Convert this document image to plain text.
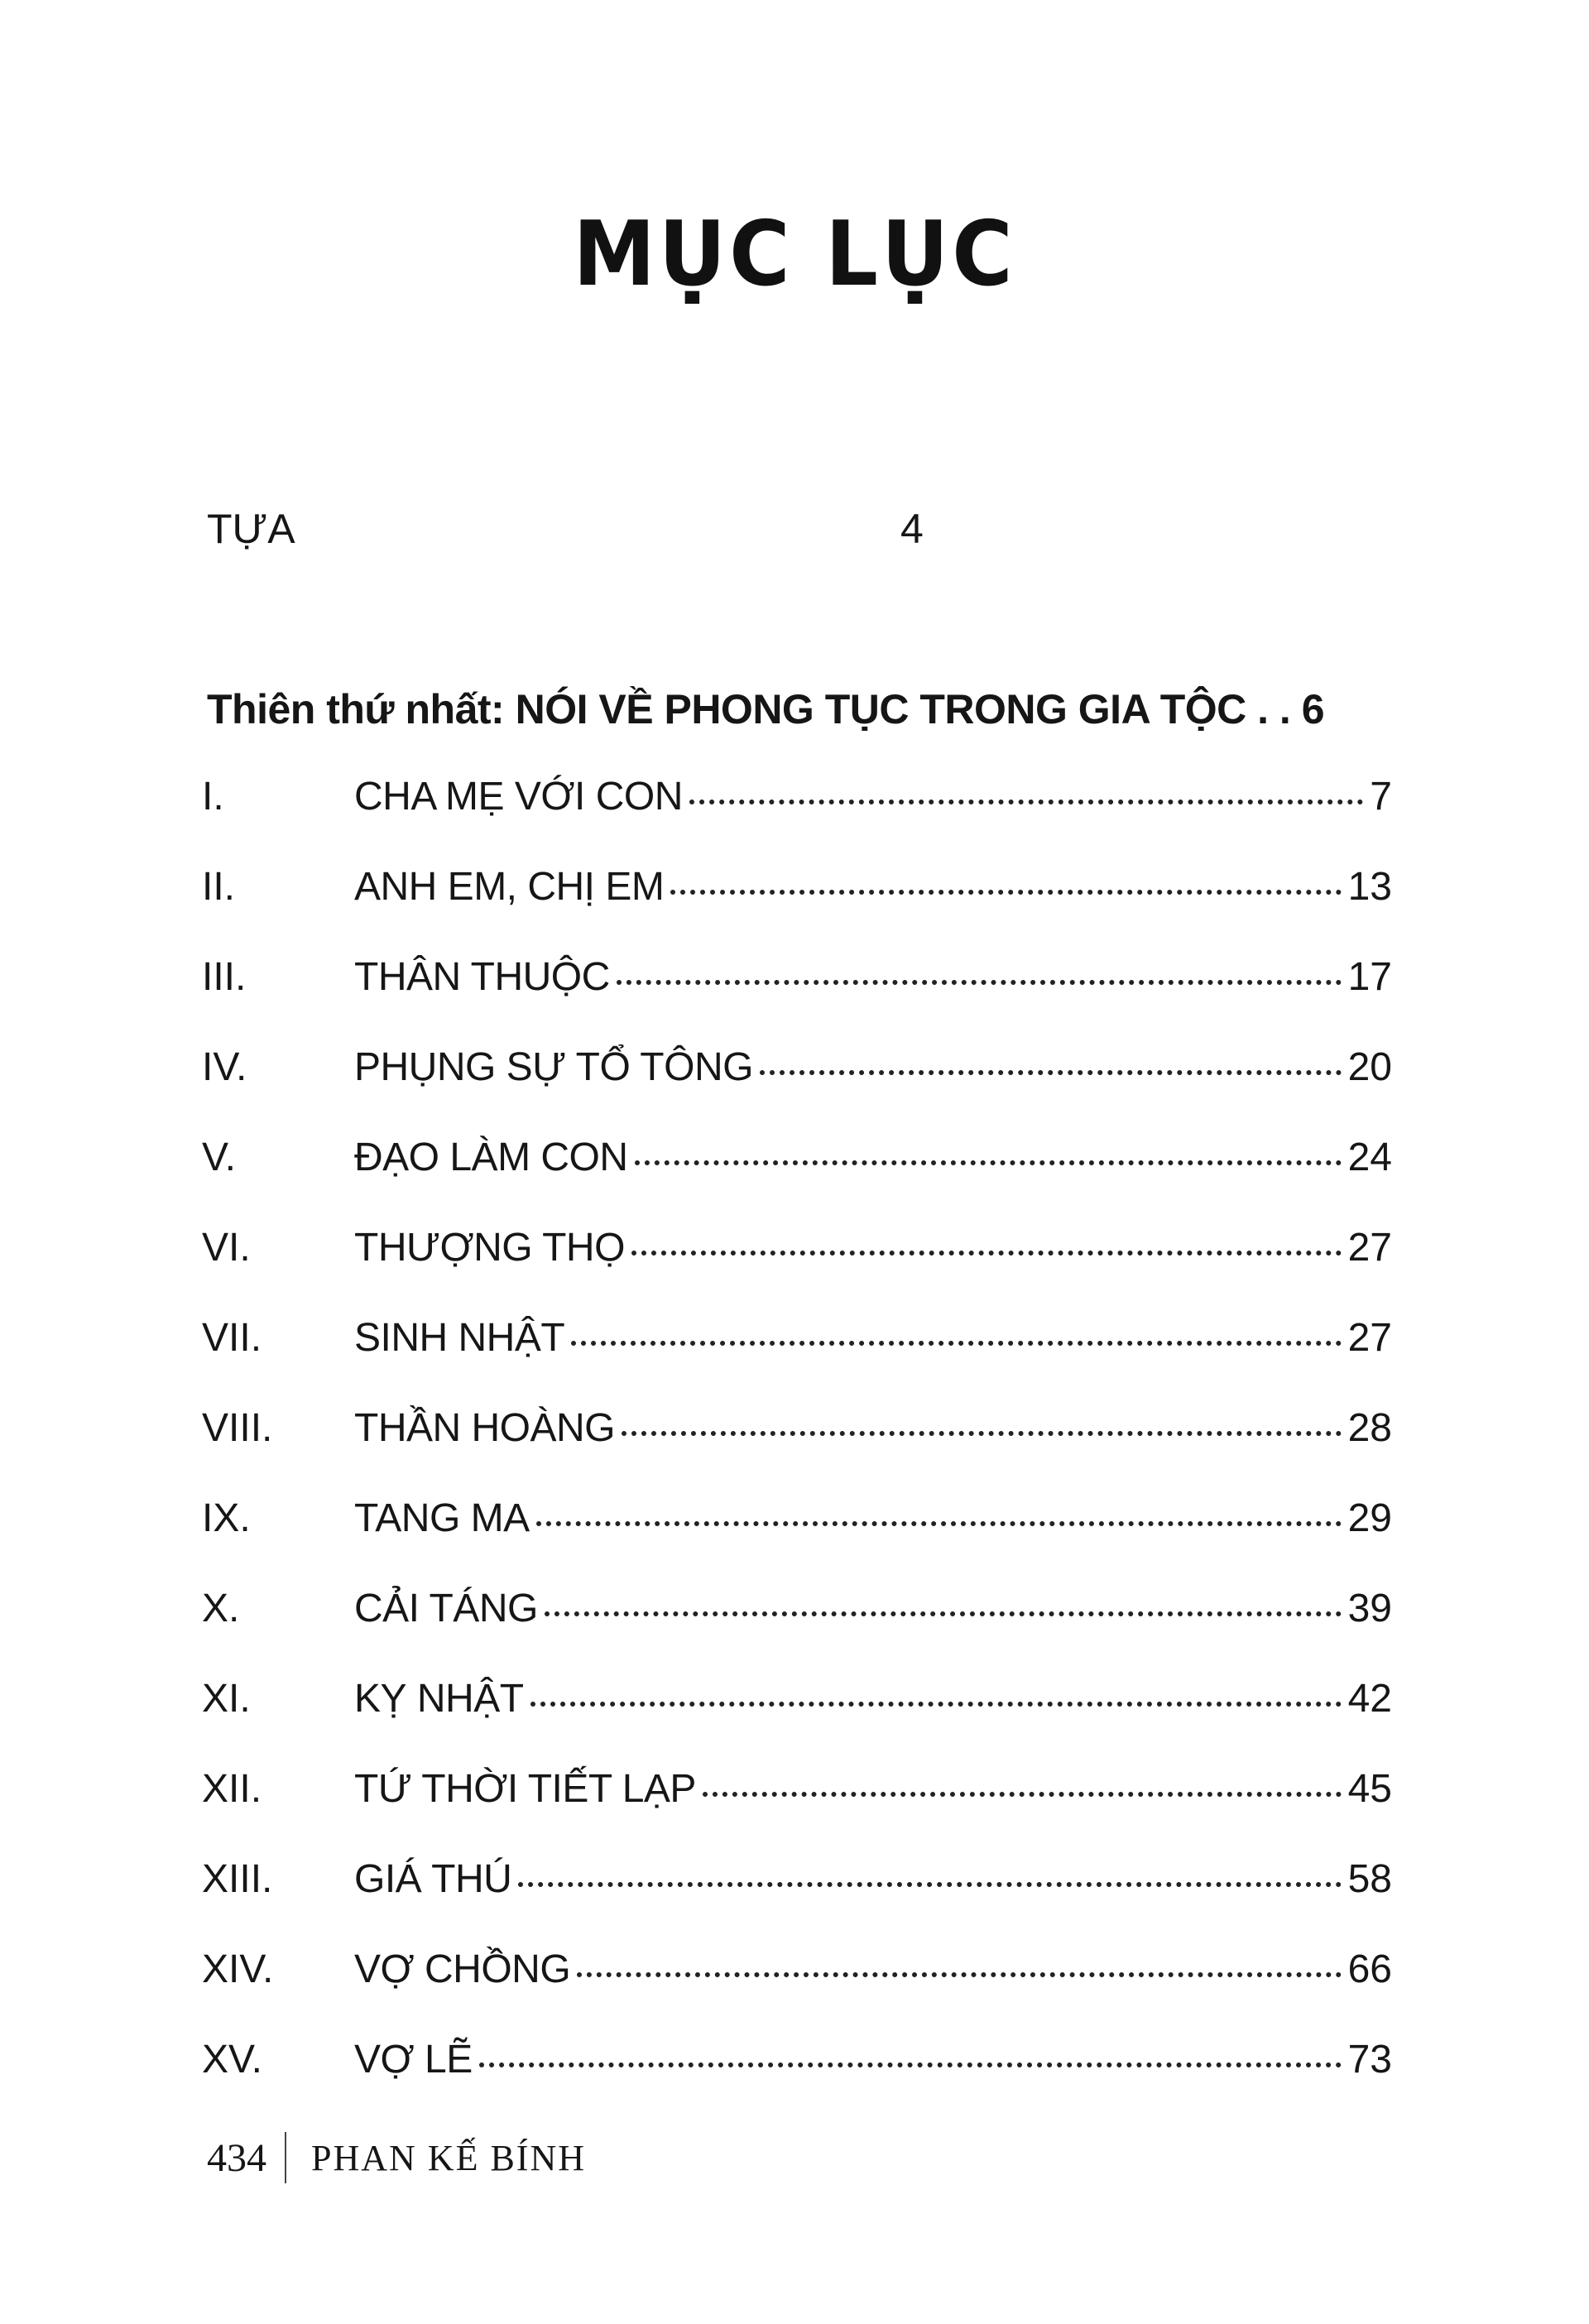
MỤC LỤC
TỰA	4
Thiên thứ nhất: NÓI VỀ PHONG TỤC TRONG GIA TỘC . . 6
I.	CHA MẸ VỚI CON	7
II.	ANH EM, CHỊ EM	13
III.	THÂN THUỘC	17
IV.	PHỤNG SỰ TỔ TÔNG	20
V.	ĐẠO LÀM CON	24
VI.	THƯỢNG THỌ	27
VII. SINH NHẬT	27
VIII. THẦN HOÀNG	28
IX.	TANG MA	29
X.	CẢI TÁNG	39
XI.	KỴ NHẬT	42
XII. TỨ THỜI TIẾT LẠP	45
XIII. GIÁ THÚ	58
XIV. VỢ CHỒNG	66
XV. VỢ LẼ	73
434 PHAN KẾ BÍNH
